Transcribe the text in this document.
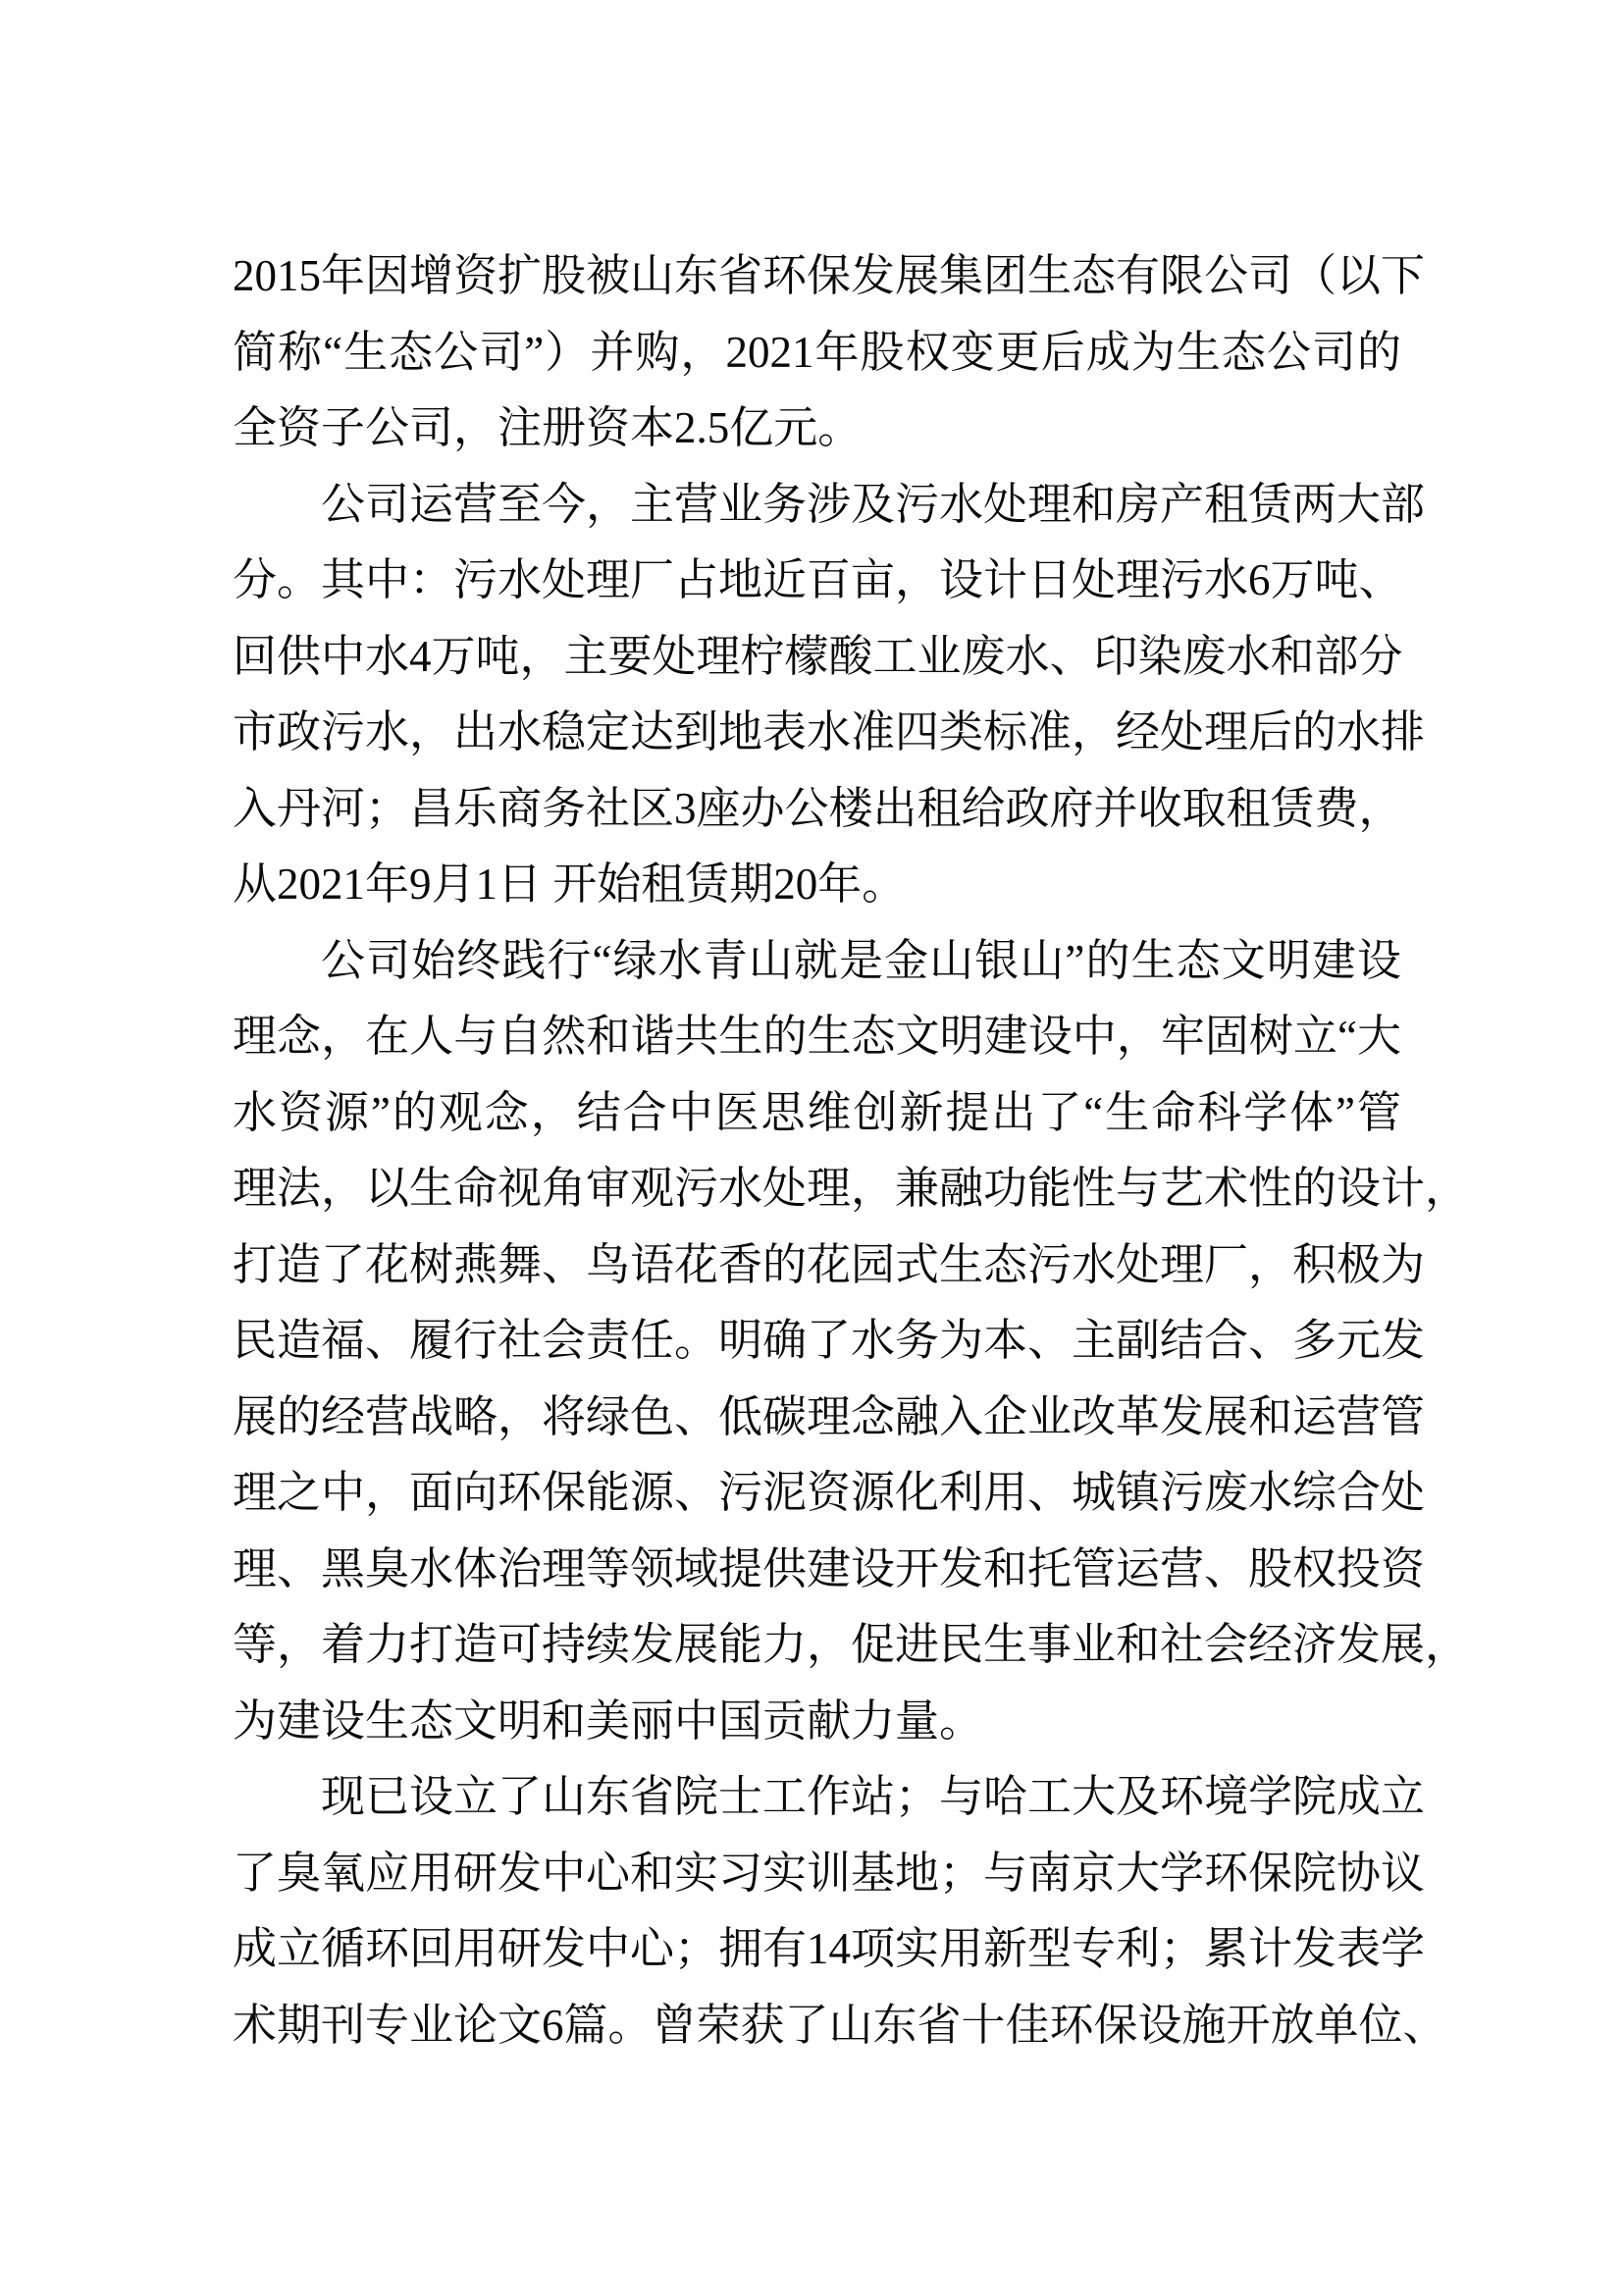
2015年因增资扩股被山东省环保发展集团生态有限公司（以下
简称“生态公司”）并购，2021年股权变更后成为生态公司的
全资子公司，注册资本2.5亿元。
公司运营至今，主营业务涉及污水处理和房产租赁两大部
分。其中：污水处理厂占地近百亩，设计日处理污水6万吨、
回供中水4万吨，主要处理柠檬酸工业废水、印染废水和部分
市政污水，出水稳定达到地表水准四类标准，经处理后的水排
入丹河；昌乐商务社区3座办公楼出租给政府并收取租赁费，
从2021年9月1日 开始租赁期20年。
公司始终践行“绿水青山就是金山银山”的生态文明建设
理念，在人与自然和谐共生的生态文明建设中，牢固树立“大
水资源”的观念，结合中医思维创新提出了“生命科学体”管
理法，以生命视角审观污水处理，兼融功能性与艺术性的设计，
打造了花树燕舞、鸟语花香的花园式生态污水处理厂，积极为
民造福、履行社会责任。明确了水务为本、主副结合、多元发
展的经营战略，将绿色、低碳理念融入企业改革发展和运营管
理之中，面向环保能源、污泥资源化利用、城镇污废水综合处
理、黑臭水体治理等领域提供建设开发和托管运营、股权投资
等，着力打造可持续发展能力，促进民生事业和社会经济发展，
为建设生态文明和美丽中国贡献力量。
现已设立了山东省院士工作站；与哈工大及环境学院成立
了臭氧应用研发中心和实习实训基地；与南京大学环保院协议
成立循环回用研发中心；拥有14项实用新型专利；累计发表学
术期刊专业论文6篇。曾荣获了山东省十佳环保设施开放单位、
